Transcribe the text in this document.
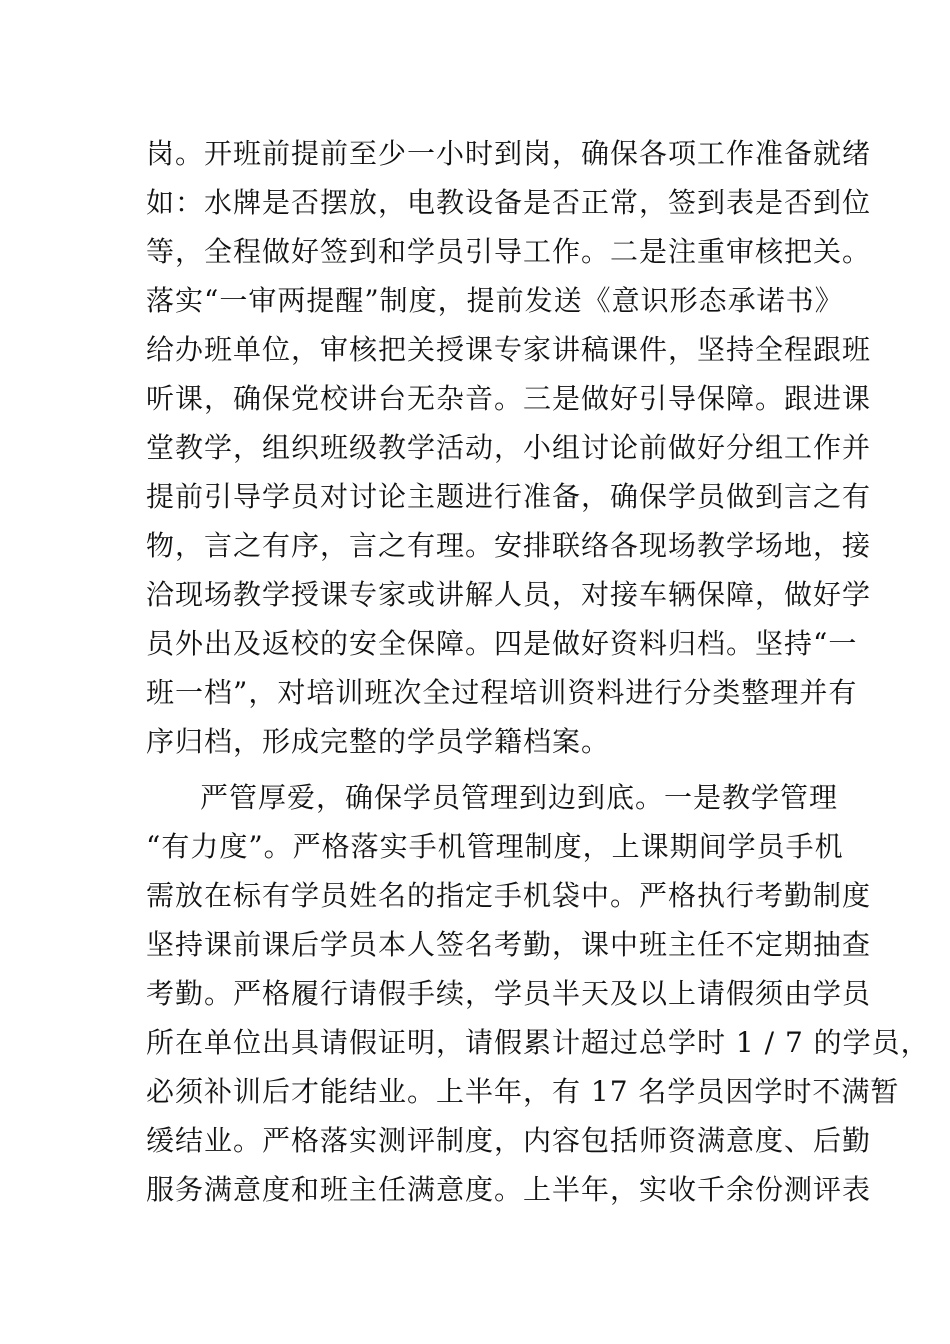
岗。开班前提前至少一小时到岗，确保各项工作准备就绪
如：水牌是否摆放，电教设备是否正常，签到表是否到位
等，全程做好签到和学员引导工作。二是注重审核把关。
落实“一审两提醒”制度，提前发送《意识形态承诺书》
给办班单位，审核把关授课专家讲稿课件，坚持全程跟班
听课，确保党校讲台无杂音。三是做好引导保障。跟进课
堂教学，组织班级教学活动，小组讨论前做好分组工作并
提前引导学员对讨论主题进行准备，确保学员做到言之有
物，言之有序，言之有理。安排联络各现场教学场地，接
洽现场教学授课专家或讲解人员，对接车辆保障，做好学
员外出及返校的安全保障。四是做好资料归档。坚持“一
班一档”，对培训班次全过程培训资料进行分类整理并有
序归档，形成完整的学员学籍档案。
严管厚爱，确保学员管理到边到底。一是教学管理
“有力度”。严格落实手机管理制度，上课期间学员手机
需放在标有学员姓名的指定手机袋中。严格执行考勤制度
坚持课前课后学员本人签名考勤，课中班主任不定期抽查
考勤。严格履行请假手续，学员半天及以上请假须由学员
所在单位出具请假证明，请假累计超过总学时 1 / 7 的学员，
必须补训后才能结业。上半年，有 17 名学员因学时不满暂
缓结业。严格落实测评制度，内容包括师资满意度、后勤
服务满意度和班主任满意度。上半年，实收千余份测评表
